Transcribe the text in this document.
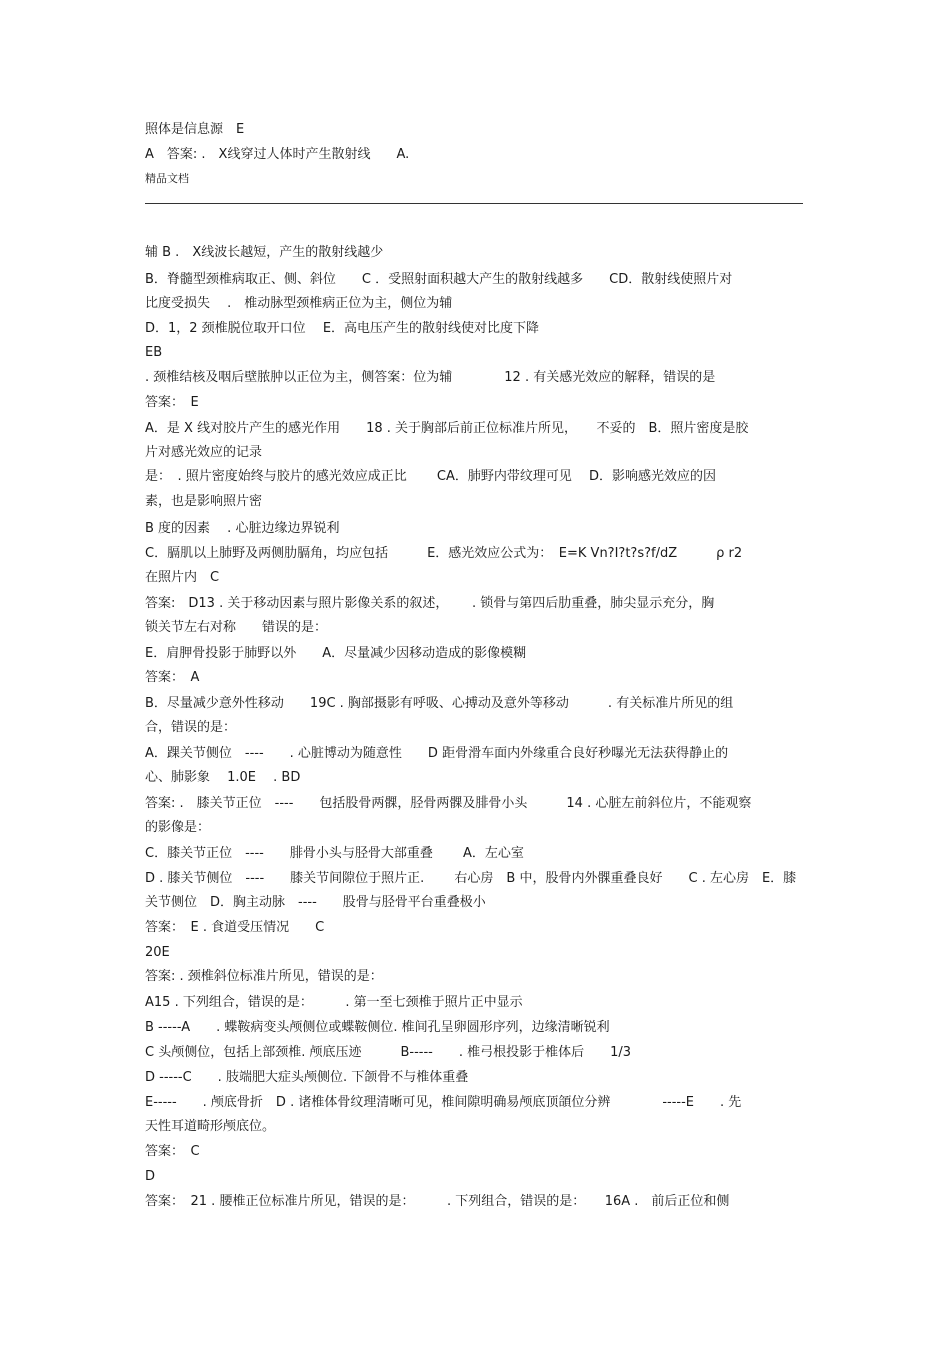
照体是信息源　E
A　答案: .　X线穿过人体时产生散射线　　A.
精品文档
辅 B .　X线波长越短，产生的散射线越少
B．脊髓型颈椎病取正、侧、斜位　　C ．受照射面积越大产生的散射线越多　　CD．散射线使照片对
比度受损失　 .　椎动脉型颈椎病正位为主，侧位为辅
D．1，2 颈椎脱位取开口位　 E．高电压产生的散射线使对比度下降
EB
. 颈椎结核及咽后壁脓肿以正位为主，侧答案：位为辅　　　　12 . 有关感光效应的解释，错误的是
答案：　E
A．是 X 线对胶片产生的感光作用　　18 . 关于胸部后前正位标准片所见，　　不妥的　B．照片密度是胶
片对感光效应的记录
是：　. 照片密度始终与胶片的感光效应成正比　　 CA．肺野内带纹理可见　 D．影响感光效应的因
素，也是影响照片密
B 度的因素　 . 心脏边缘边界锐利
C．膈肌以上肺野及两侧肋膈角，均应包括　　　E．感光效应公式为：　E=K Vn?I?t?s?f/dZ　　　ρ r2
在照片内　C
答案:　D13 . 关于移动因素与照片影像关系的叙述，　　 . 锁骨与第四后肋重叠，肺尖显示充分，胸
锁关节左右对称　　错误的是：
E．肩胛骨投影于肺野以外　　A．尽量减少因移动造成的影像模糊
答案：　A
B．尽量减少意外性移动　　19C . 胸部摄影有呼吸、心搏动及意外等移动　　　. 有关标准片所见的组
合，错误的是：
A．踝关节侧位　----　　. 心脏博动为随意性　　D 距骨滑车面内外缘重合良好秒曝光无法获得静止的
心、肺影象　 1.0E　 . BD
答案: .　膝关节正位　----　　包括股骨两髁，胫骨两髁及腓骨小头　　　14 . 心脏左前斜位片，不能观察
的影像是：
C．膝关节正位　----　　腓骨小头与胫骨大部重叠　　 A．左心室
D . 膝关节侧位　----　　膝关节间隙位于照片正.　　 右心房　B 中，股骨内外髁重叠良好　　C . 左心房　E．膝
关节侧位　D．胸主动脉　----　　股骨与胫骨平台重叠极小
答案：　E . 食道受压情况　　C
20E
答案: . 颈椎斜位标准片所见，错误的是：
A15 . 下列组合，错误的是：　　　. 第一至七颈椎于照片正中显示
B -----A　　. 蝶鞍病变头颅侧位或蝶鞍侧位. 椎间孔呈卵圆形序列，边缘清晰锐利
C 头颅侧位，包括上部颈椎. 颅底压迹　　　B-----　　. 椎弓根投影于椎体后　　1/3
D -----C　　. 肢端肥大症头颅侧位. 下颌骨不与椎体重叠
E-----　　. 颅底骨折　D . 诸椎体骨纹理清晰可见，椎间隙明确易颅底顶頜位分辨　　　　-----E　　. 先
天性耳道畸形颅底位。
答案：　C
D
答案：　21 . 腰椎正位标准片所见，错误的是：　　　. 下列组合，错误的是：　　16A .　前后正位和侧
